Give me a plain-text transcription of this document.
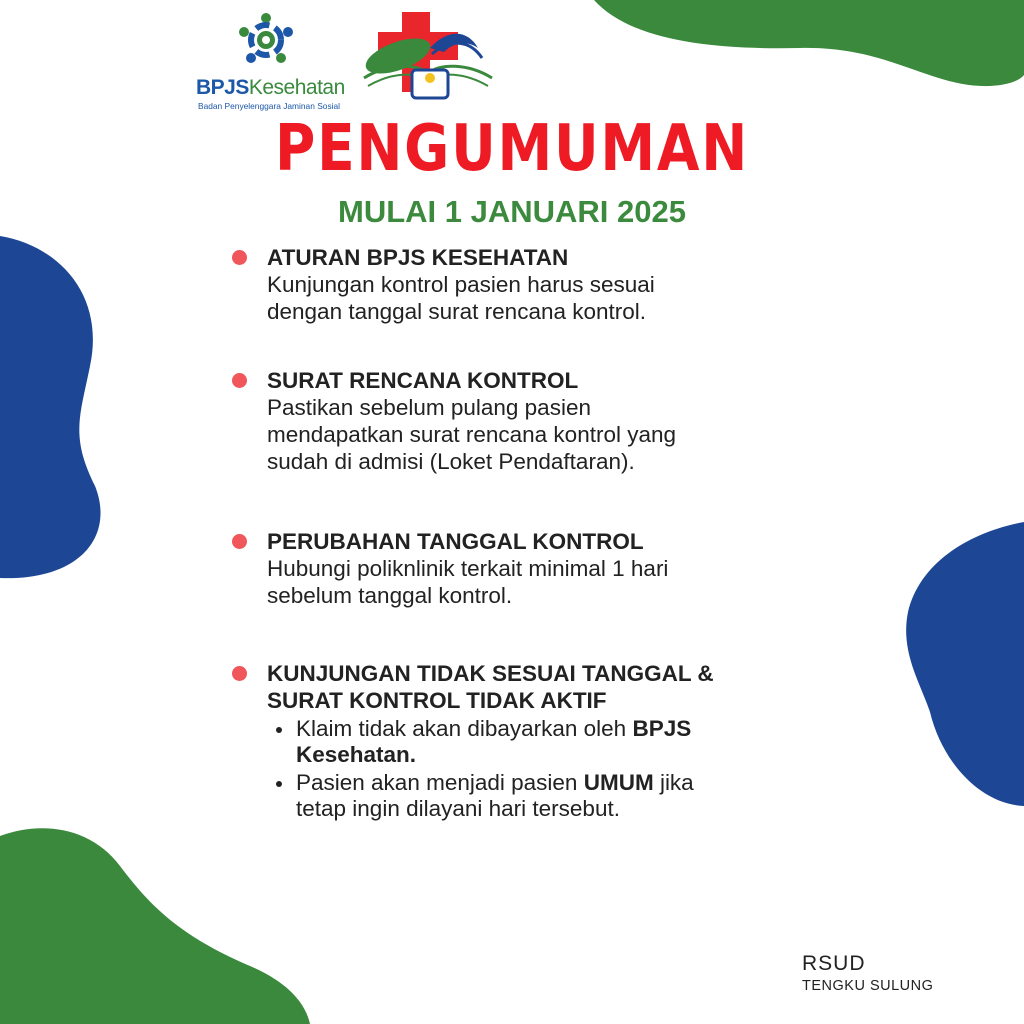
BPJSKesehatan
Badan Penyelenggara Jaminan Sosial
PENGUMUMAN
MULAI 1 JANUARI 2025
ATURAN BPJS KESEHATAN
Kunjungan kontrol pasien harus sesuai
dengan tanggal surat rencana kontrol.
SURAT RENCANA KONTROL
Pastikan sebelum pulang pasien
mendapatkan surat rencana kontrol yang
sudah di admisi (Loket Pendaftaran).
PERUBAHAN TANGGAL KONTROL
Hubungi poliknlinik terkait minimal 1 hari
sebelum tanggal kontrol.
KUNJUNGAN TIDAK SESUAI TANGGAL &
SURAT KONTROL TIDAK AKTIF
Klaim tidak akan dibayarkan oleh BPJS
Kesehatan.
Pasien akan menjadi pasien UMUM jika
tetap ingin dilayani hari tersebut.
RSUD
TENGKU SULUNG
